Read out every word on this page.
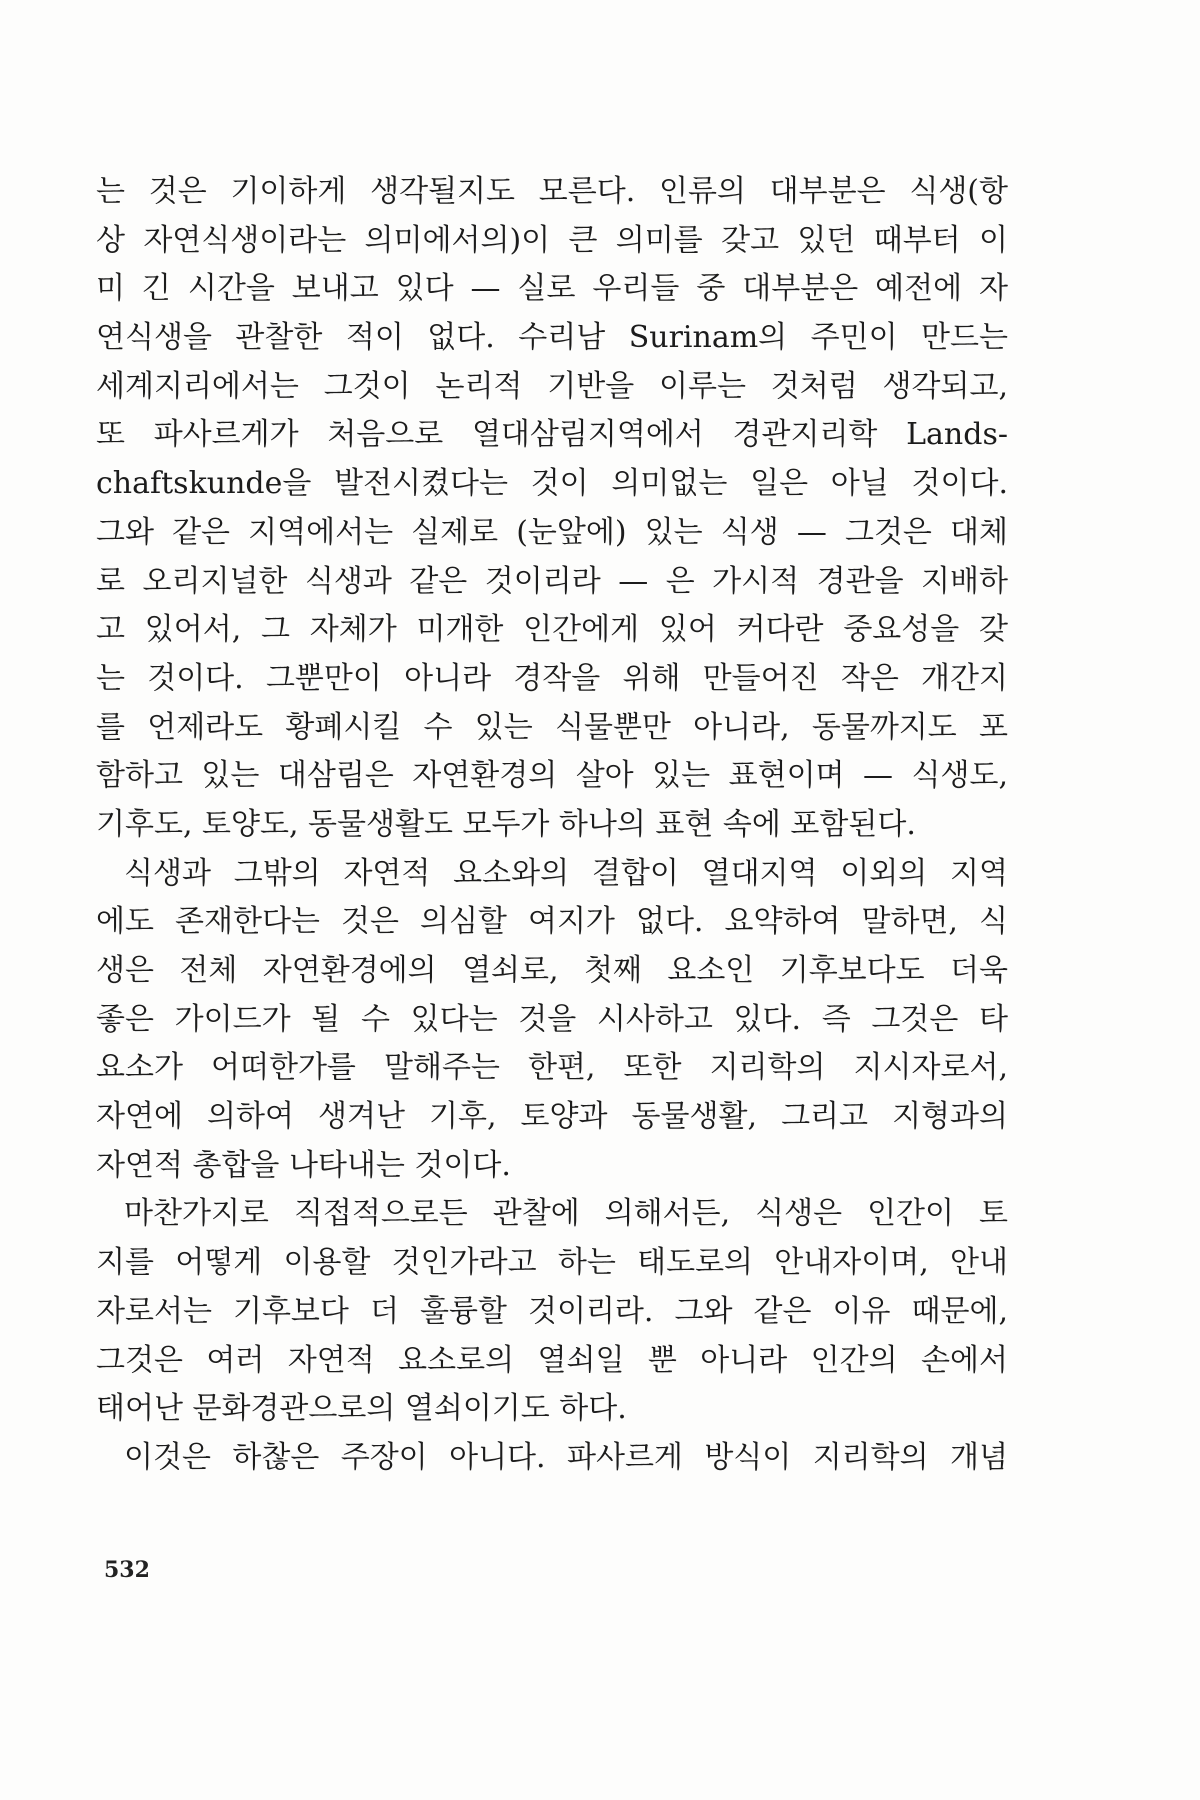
는 것은 기이하게 생각될지도 모른다. 인류의 대부분은 식생(항
상 자연식생이라는 의미에서의)이 큰 의미를 갖고 있던 때부터 이
미 긴 시간을 보내고 있다 — 실로 우리들 중 대부분은 예전에 자
연식생을 관찰한 적이 없다. 수리남 Surinam의 주민이 만드는
세계지리에서는 그것이 논리적 기반을 이루는 것처럼 생각되고,
또 파사르게가 처음으로 열대삼림지역에서 경관지리학 Lands-
chaftskunde을 발전시켰다는 것이 의미없는 일은 아닐 것이다.
그와 같은 지역에서는 실제로 (눈앞에) 있는 식생 — 그것은 대체
로 오리지널한 식생과 같은 것이리라 — 은 가시적 경관을 지배하
고 있어서, 그 자체가 미개한 인간에게 있어 커다란 중요성을 갖
는 것이다. 그뿐만이 아니라 경작을 위해 만들어진 작은 개간지
를 언제라도 황폐시킬 수 있는 식물뿐만 아니라, 동물까지도 포
함하고 있는 대삼림은 자연환경의 살아 있는 표현이며 — 식생도,
기후도, 토양도, 동물생활도 모두가 하나의 표현 속에 포함된다.
식생과 그밖의 자연적 요소와의 결합이 열대지역 이외의 지역
에도 존재한다는 것은 의심할 여지가 없다. 요약하여 말하면, 식
생은 전체 자연환경에의 열쇠로, 첫째 요소인 기후보다도 더욱
좋은 가이드가 될 수 있다는 것을 시사하고 있다. 즉 그것은 타
요소가 어떠한가를 말해주는 한편, 또한 지리학의 지시자로서,
자연에 의하여 생겨난 기후, 토양과 동물생활, 그리고 지형과의
자연적 총합을 나타내는 것이다.
마찬가지로 직접적으로든 관찰에 의해서든, 식생은 인간이 토
지를 어떻게 이용할 것인가라고 하는 태도로의 안내자이며, 안내
자로서는 기후보다 더 훌륭할 것이리라. 그와 같은 이유 때문에,
그것은 여러 자연적 요소로의 열쇠일 뿐 아니라 인간의 손에서
태어난 문화경관으로의 열쇠이기도 하다.
이것은 하찮은 주장이 아니다. 파사르게 방식이 지리학의 개념
532
